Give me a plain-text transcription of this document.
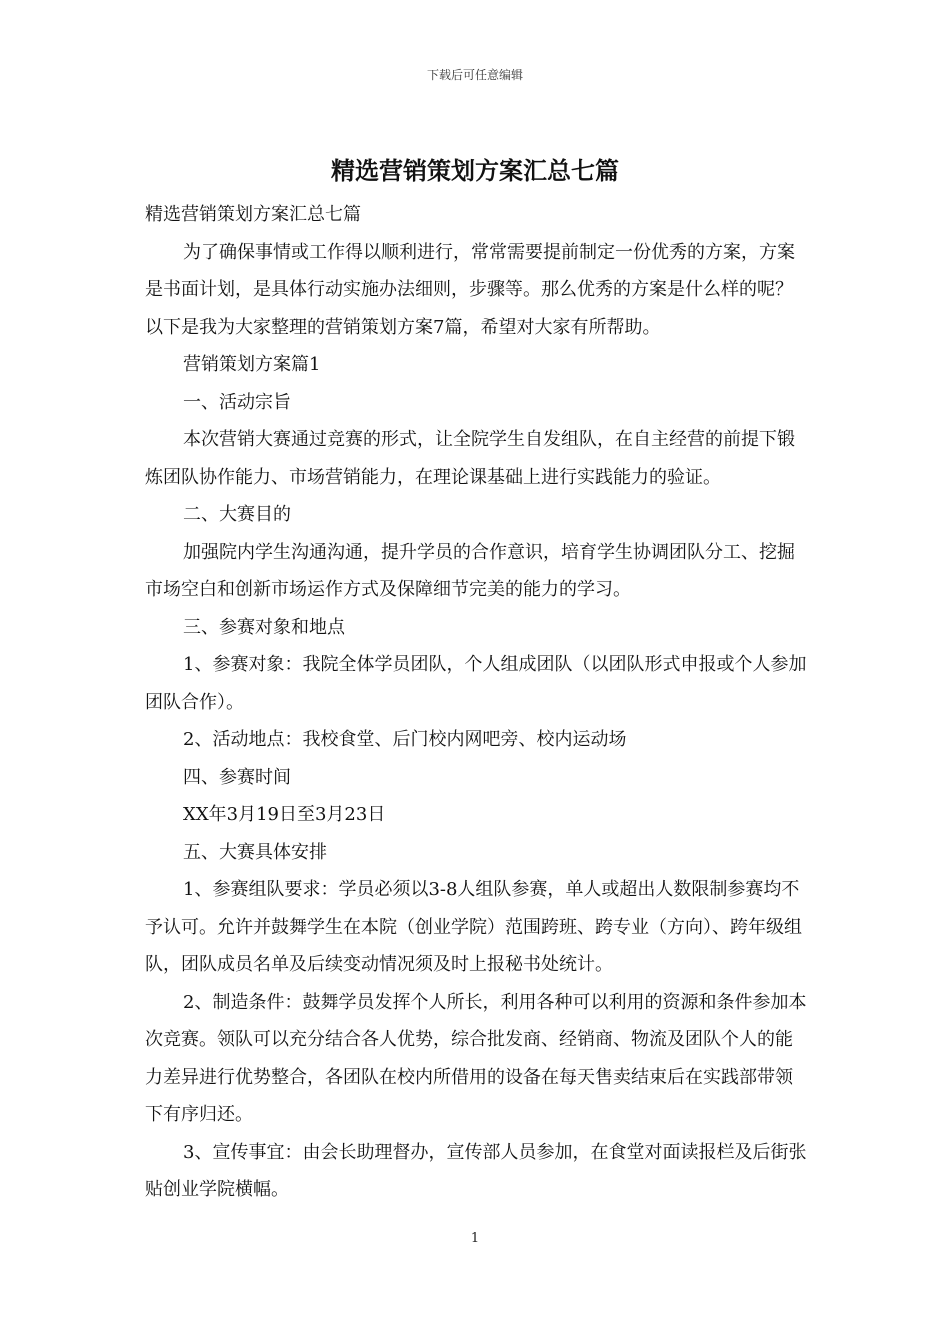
下载后可任意编辑
精选营销策划方案汇总七篇

精选营销策划方案汇总七篇

为了确保事情或工作得以顺利进行，常常需要提前制定一份优秀的方案，方案是书面计划，是具体行动实施办法细则，步骤等。那么优秀的方案是什么样的呢？以下是我为大家整理的营销策划方案7篇，希望对大家有所帮助。

营销策划方案篇1

一、活动宗旨

本次营销大赛通过竞赛的形式，让全院学生自发组队，在自主经营的前提下锻炼团队协作能力、市场营销能力，在理论课基础上进行实践能力的验证。

二、大赛目的

加强院内学生沟通沟通，提升学员的合作意识，培育学生协调团队分工、挖掘市场空白和创新市场运作方式及保障细节完美的能力的学习。

三、参赛对象和地点

1、参赛对象：我院全体学员团队，个人组成团队（以团队形式申报或个人参加团队合作）。

2、活动地点：我校食堂、后门校内网吧旁、校内运动场

四、参赛时间

XX年3月19日至3月23日

五、大赛具体安排

1、参赛组队要求：学员必须以3-8人组队参赛，单人或超出人数限制参赛均不予认可。允许并鼓舞学生在本院（创业学院）范围跨班、跨专业（方向）、跨年级组队，团队成员名单及后续变动情况须及时上报秘书处统计。

2、制造条件：鼓舞学员发挥个人所长，利用各种可以利用的资源和条件参加本次竞赛。领队可以充分结合各人优势，综合批发商、经销商、物流及团队个人的能力差异进行优势整合，各团队在校内所借用的设备在每天售卖结束后在实践部带领下有序归还。

3、宣传事宜：由会长助理督办，宣传部人员参加，在食堂对面读报栏及后街张贴创业学院横幅。

1
